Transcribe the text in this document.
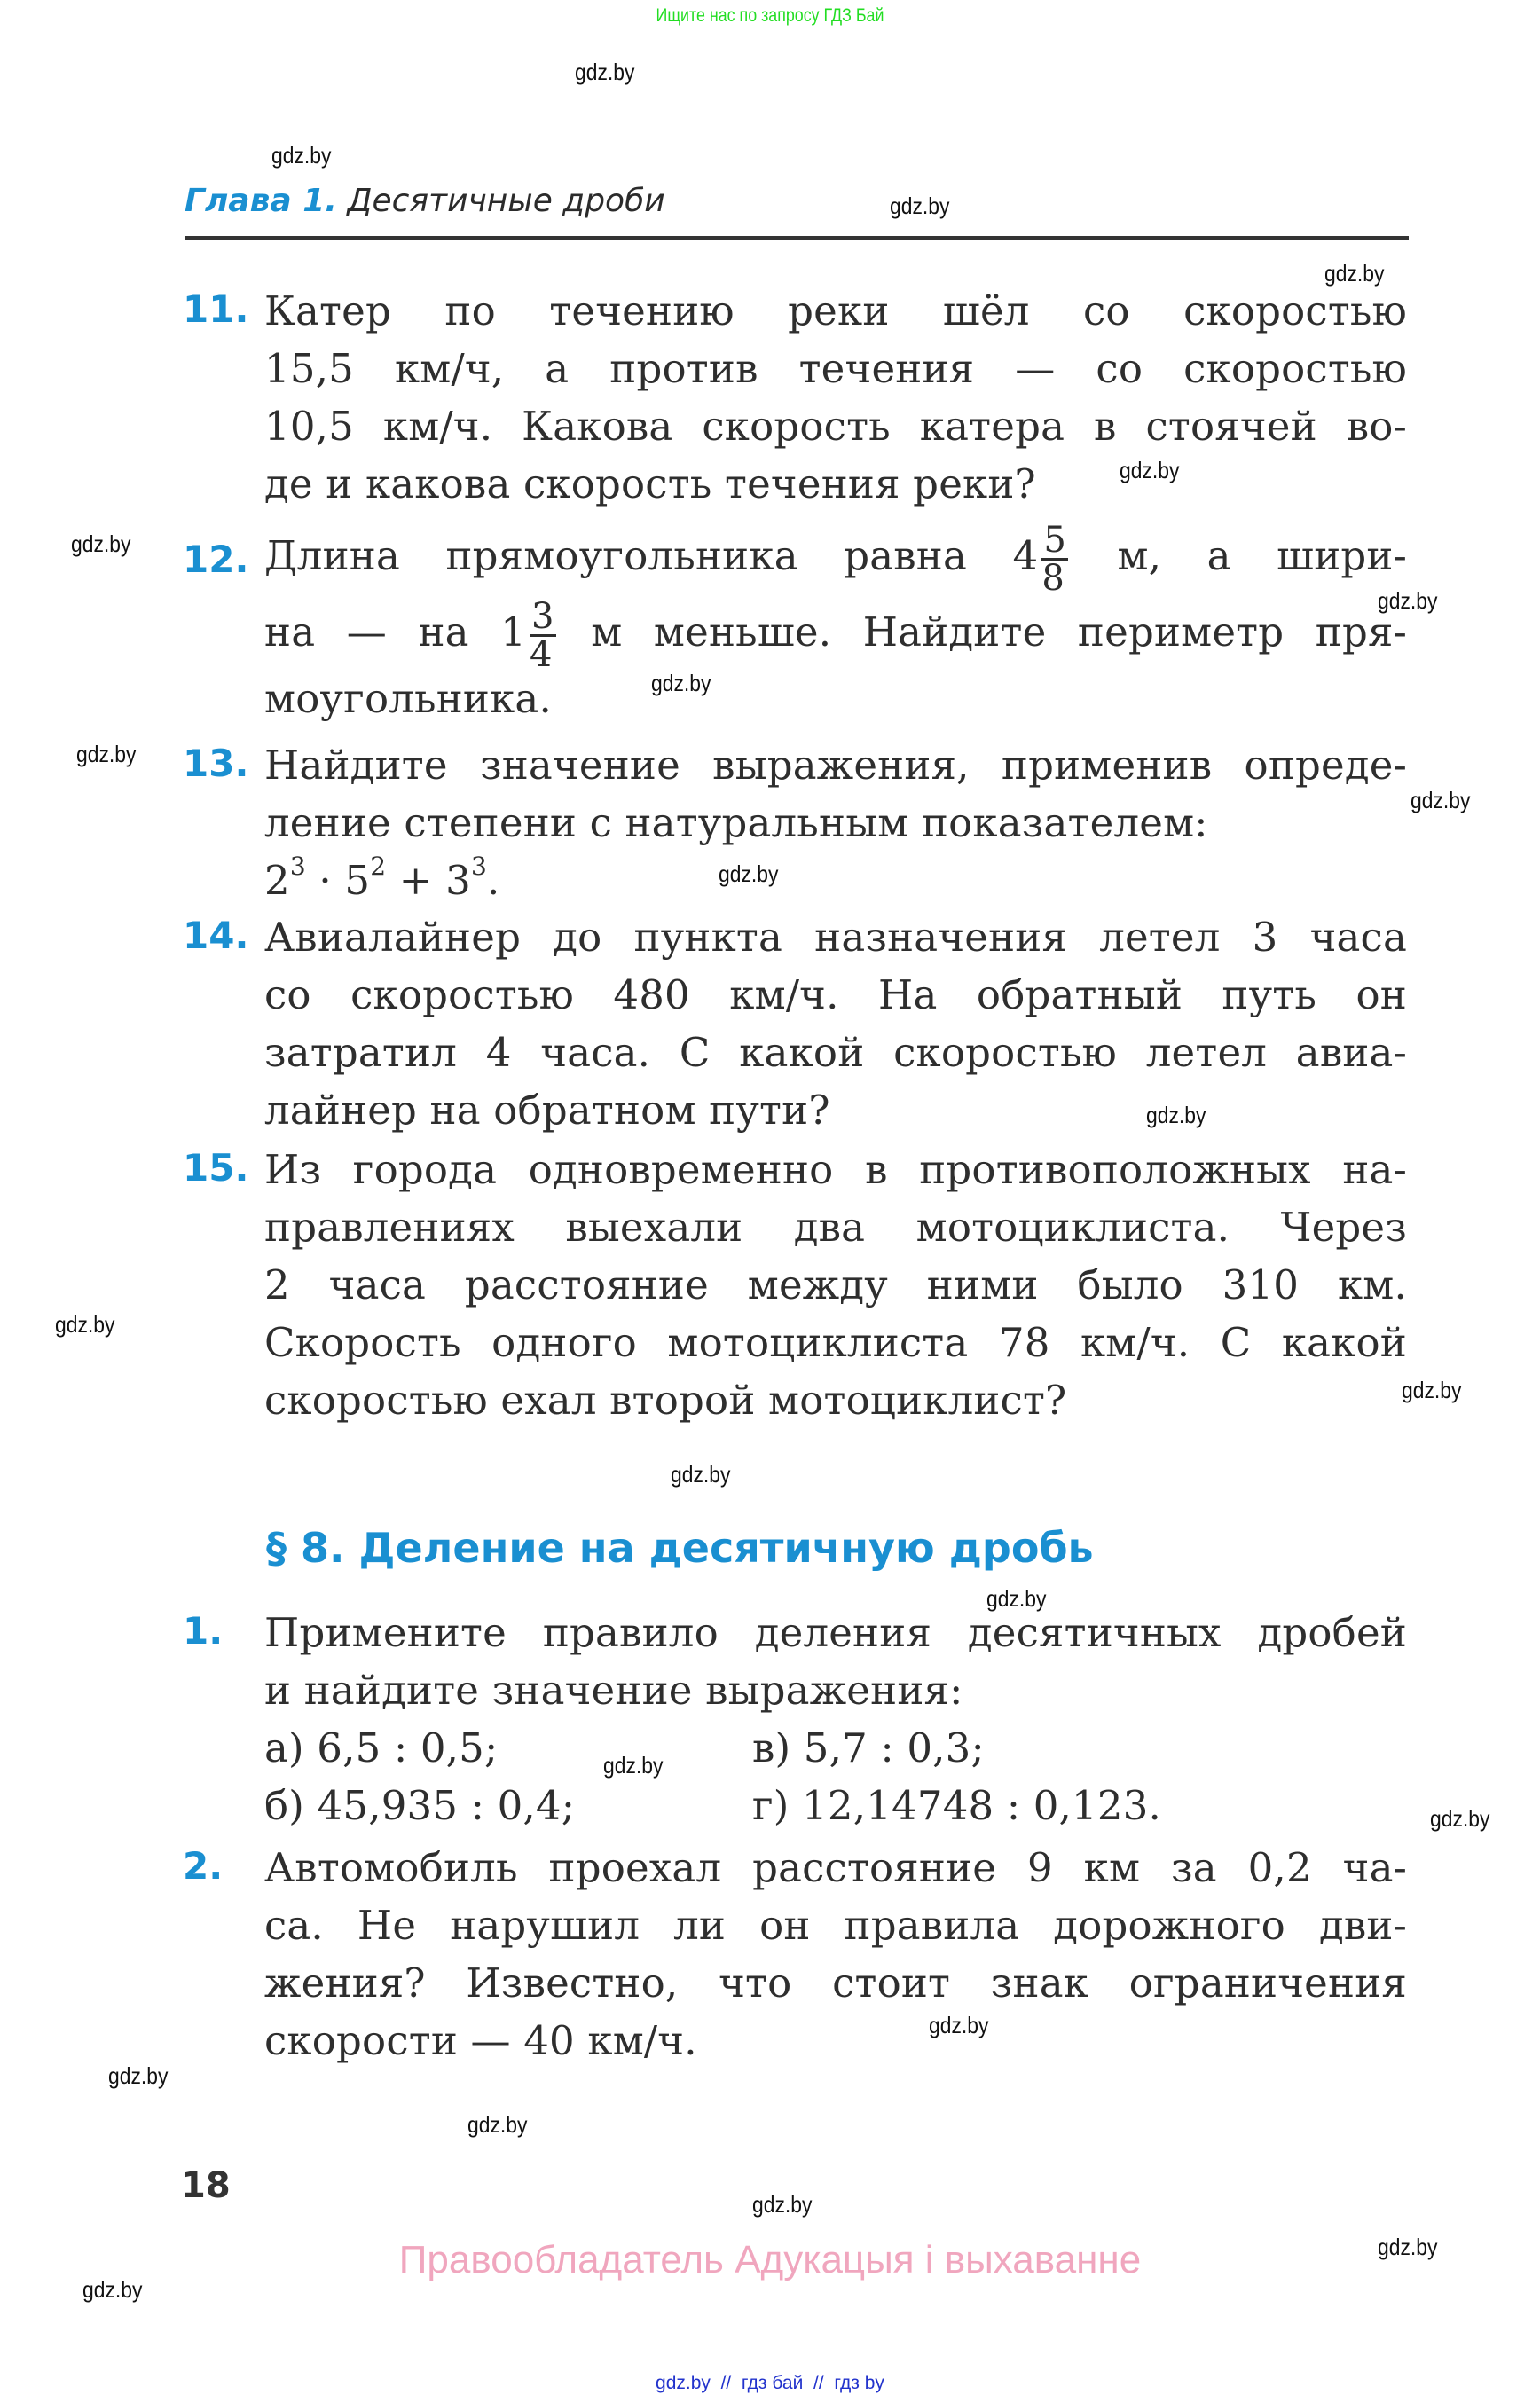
Ищите нас по запросу ГДЗ Бай
gdz.by
gdz.by
gdz.by
gdz.by
gdz.by
gdz.by
gdz.by
gdz.by
gdz.by
gdz.by
gdz.by
gdz.by
gdz.by
gdz.by
gdz.by
gdz.by
gdz.by
gdz.by
gdz.by
gdz.by
gdz.by
gdz.by
gdz.by
gdz.by
Глава 1. Десятичные дроби
11. Катер по течению реки шёл со скоростью
15,5 км/ч, а против течения — со скоростью
10,5 км/ч. Какова скорость катера в стоячей во-
де и какова скорость течения реки?
12. Длина прямоугольника равна $4 \frac{5}{8} м$, а шири-
на — на $1 \frac{3}{4}$ м меньше. Найдите периметр пря-
моугольника.
13. Найдите значение выражения, применив опреде-
ление степени с натуральным показателем:
$2^3 \cdot 5^2 + 3^3$.
14. Авиалайнер до пункта назначения летел 3 часа
со скоростью 480 км/ч. На обратный путь он
затратил 4 часа. С какой скоростью летел авиа-
лайнер на обратном пути?
15. Из города одновременно в противоположных на-
правлениях выехали два мотоциклиста. Через
2 часа расстояние между ними было 310 км.
Скорость одного мотоциклиста 78 км/ч. С какой
скоростью ехал второй мотоциклист?
§ 8. Деление на десятичную дробь
1. Примените правило деления десятичных дробей
и найдите значение выражения:
а) 6,5 : 0,5;	в) 5,7 : 0,3;
б) 45,935 : 0,4;	г) 12,14748 : 0,123.
2. Автомобиль проехал расстояние 9 км за 0,2 ча-
са. Не нарушил ли он правила дорожного дви-
жения? Известно, что стоит знак ограничения
скорости — 40 км/ч.
18
Правообладатель Адукацыя і выхаванне
gdz.by  //  гдз бай  //  гдз by
